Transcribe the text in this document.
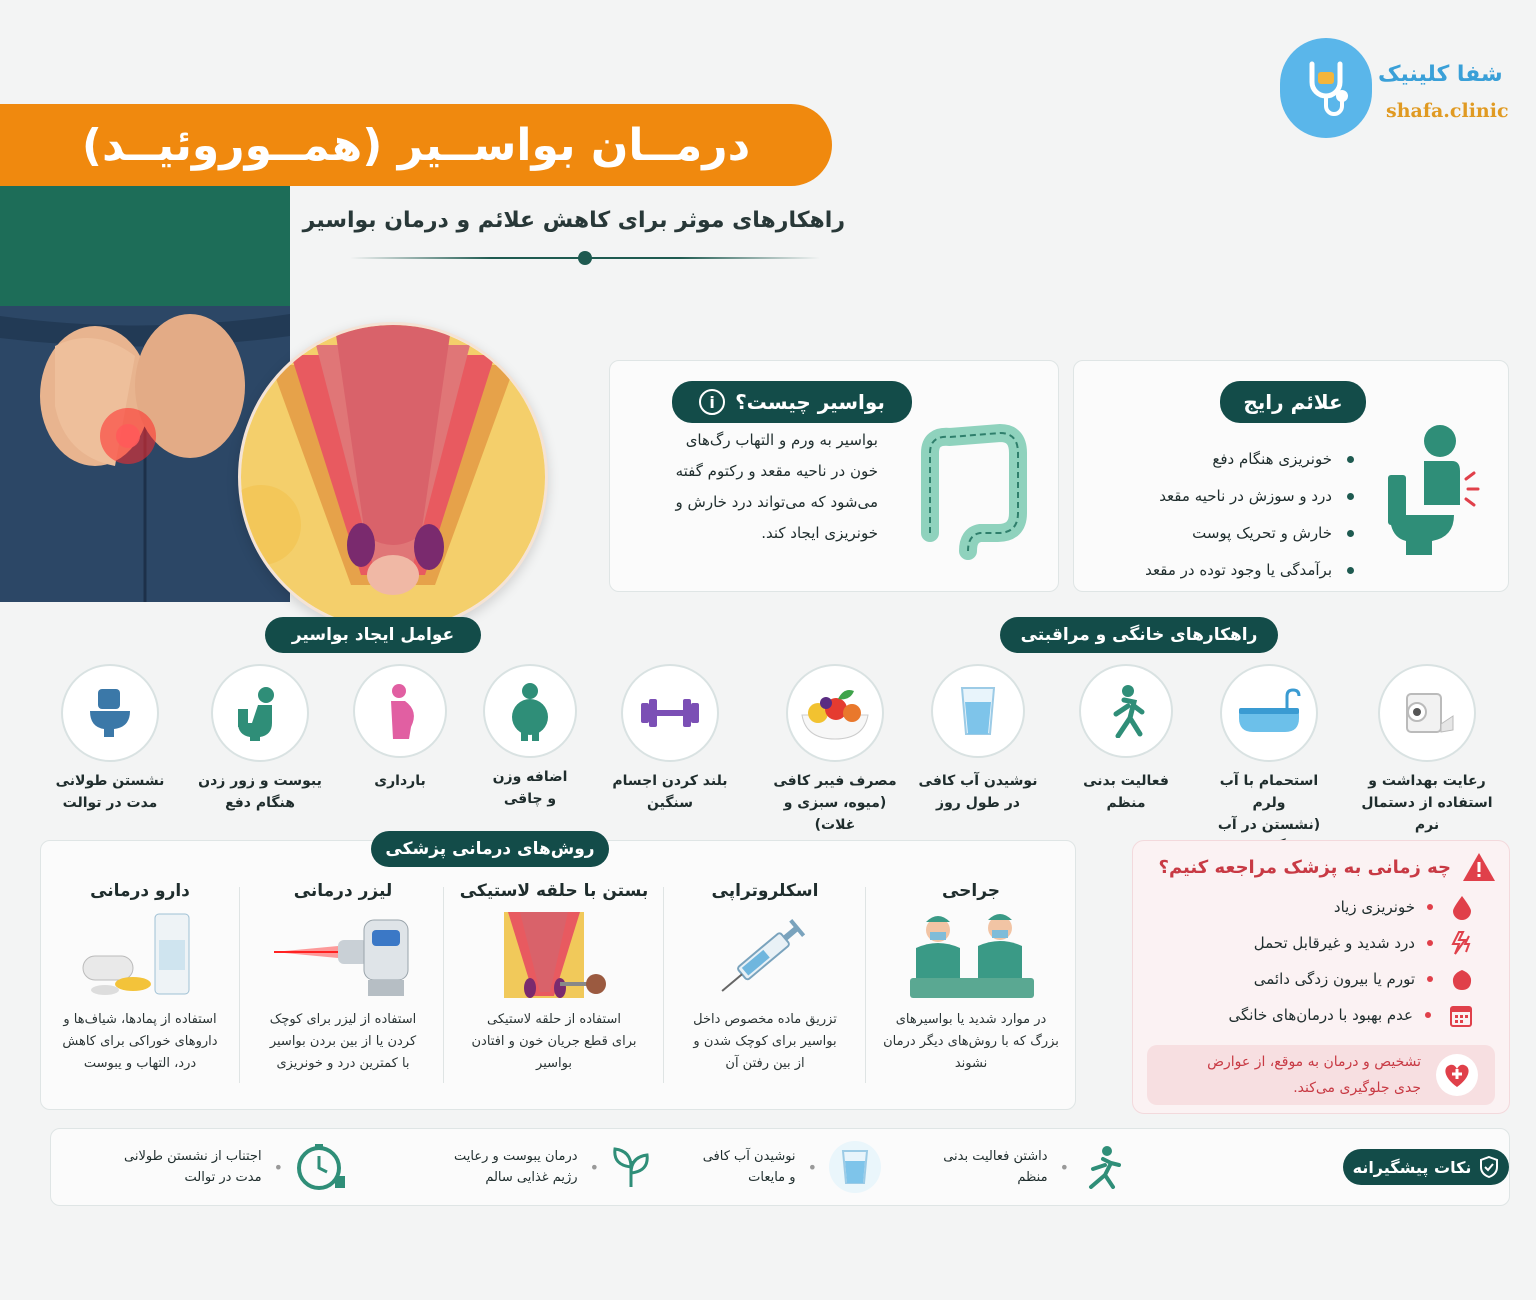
شفا کلینیک
shafa.clinic
درمــان بواســیر (همــوروئیــد)
راهکارهای موثر برای کاهش علائم و درمان بواسیر
بواسیر چیست؟
i
بواسیر به ورم و التهاب رگ‌های
خون در ناحیه مقعد و رکتوم گفته
می‌شود که می‌تواند درد خارش و
خونریزی ایجاد کند.
علائم رایج
خونریزی هنگام دفع
درد و سوزش در ناحیه مقعد
خارش و تحریک پوست
برآمدگی یا وجود توده در مقعد
عوامل ایجاد بواسیر	راهکارهای خانگی و مراقبتی
نشستن طولانی
مدت در توالت
یبوست و زور زدن
هنگام دفع
بارداری	اضافه وزن
و چاقی
بلند کردن اجسام
سنگین
مصرف فیبر کافی
(میوه، سبزی و غلات)
نوشیدن آب کافی
در طول روز
فعالیت بدنی
منظم
استحمام با آب ولرم
(نشستن در آب
رعایت بهداشت و
استفاده از دستمال نرم
روش‌های درمانی پزشکی
دارو درمانی
استفاده از پمادها، شیاف‌ها و
داروهای خوراکی برای کاهش
درد، التهاب و یبوست
لیزر درمانی
استفاده از لیزر برای کوچک
کردن یا از بین بردن بواسیر
با کمترین درد و خونریزی
بستن با حلقه لاستیکی
استفاده از حلقه لاستیکی
برای قطع جریان خون و افتادن
بواسیر
اسکلروتراپی
تزریق ماده مخصوص داخل
بواسیر برای کوچک شدن و
از بین رفتن آن
جراحی
در موارد شدید یا بواسیرهای
بزرگ که با روش‌های دیگر درمان
نشوند
چه زمانی به پزشک مراجعه کنیم؟
خونریزی زیاد
درد شدید و غیرقابل تحمل
تورم یا بیرون زدگی دائمی
عدم بهبود با درمان‌های خانگی
تشخیص و درمان به موقع، از عوارض
جدی جلوگیری می‌کند.
نکات پیشگیرانه
•
داشتن فعالیت بدنی
منظم
•
نوشیدن آب کافی
و مایعات
•
درمان یبوست و رعایت
رژیم غذایی سالم
•
اجتناب از نشستن طولانی
مدت در توالت
